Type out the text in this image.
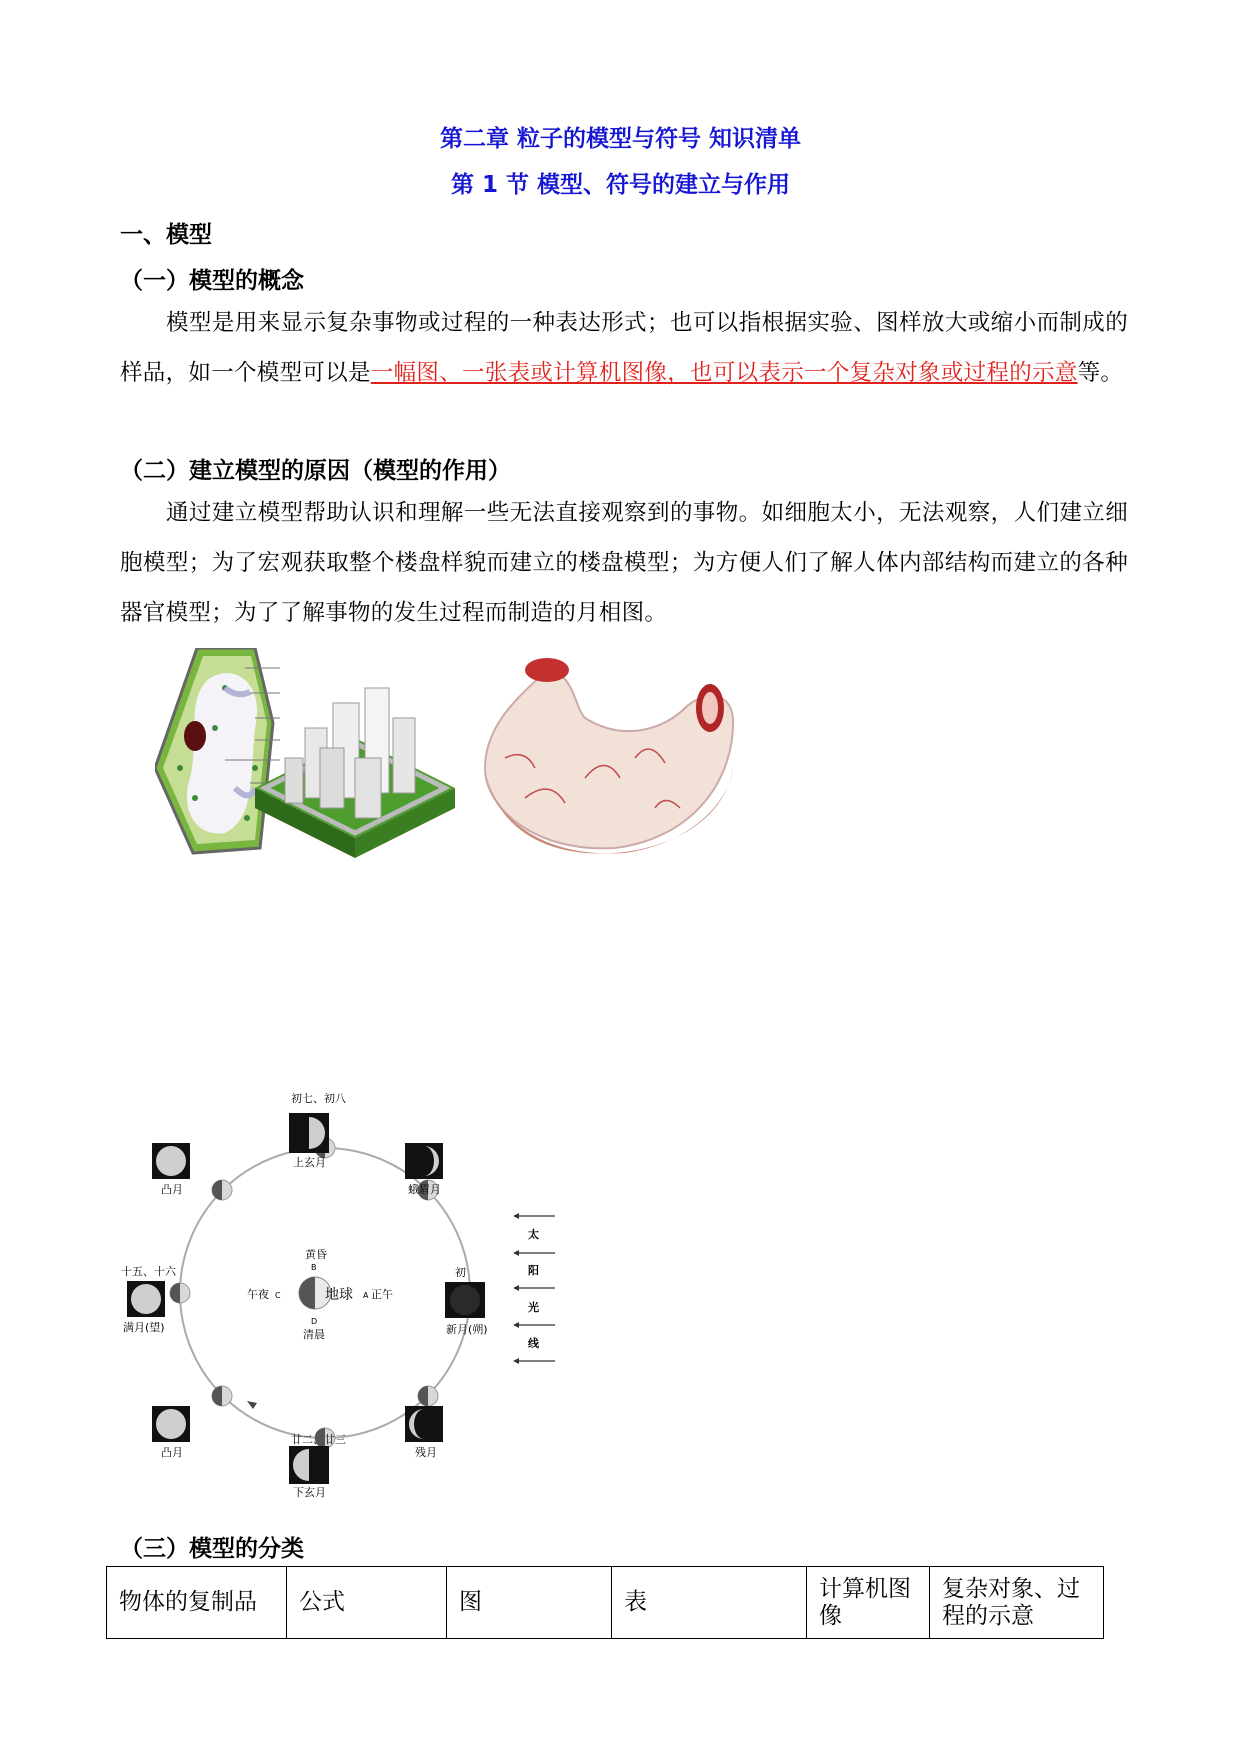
第二章 粒子的模型与符号 知识清单
第 1 节 模型、符号的建立与作用
一、模型
（一）模型的概念
模型是用来显示复杂事物或过程的一种表达形式；也可以指根据实验、图样放大或缩小而制成的样品，如一个模型可以是一幅图、一张表或计算机图像，也可以表示一个复杂对象或过程的示意等。
（二）建立模型的原因（模型的作用）
通过建立模型帮助认识和理解一些无法直接观察到的事物。如细胞太小，无法观察，人们建立细胞模型；为了宏观获取整个楼盘样貌而建立的楼盘模型；为方便人们了解人体内部结构而建立的各种器官模型；为了了解事物的发生过程而制造的月相图。
地球
黄昏
B
清晨
D
午夜 C	正午
A
初七、初八
上玄月
凸月	蛾眉月
十五、十六
满月(望)
初
新月(朔)
凸月	残月
廿二、廿三
下玄月
太
阳
光
线
（三）模型的分类
物体的复制品	公式	图	表	计算机图像	复杂对象、过程的示意
